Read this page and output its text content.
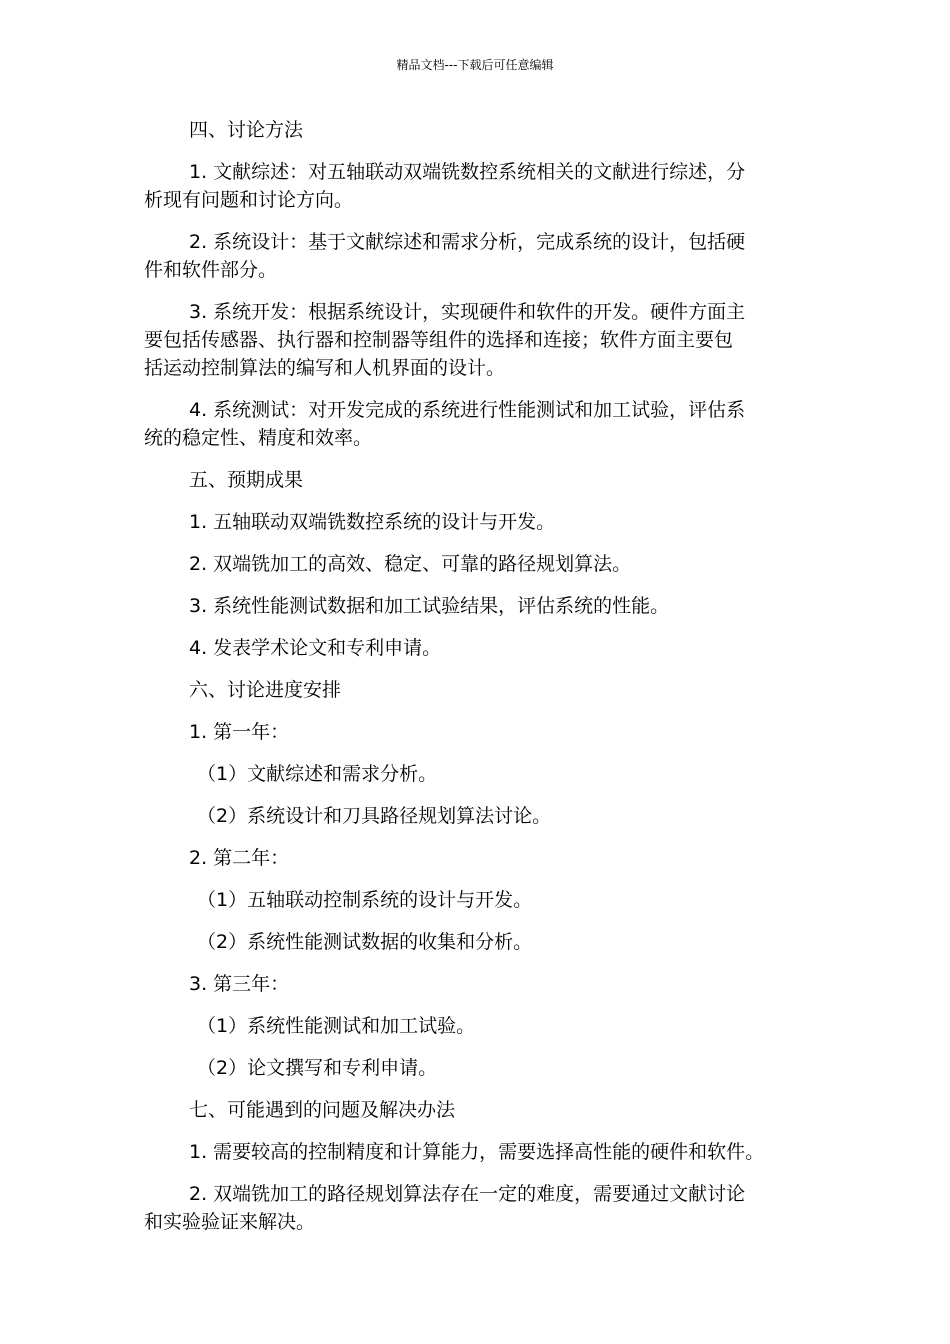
精品文档---下载后可任意编辑

四、讨论方法

1. 文献综述：对五轴联动双端铣数控系统相关的文献进行综述，分
析现有问题和讨论方向。

2. 系统设计：基于文献综述和需求分析，完成系统的设计，包括硬
件和软件部分。

3. 系统开发：根据系统设计，实现硬件和软件的开发。硬件方面主
要包括传感器、执行器和控制器等组件的选择和连接；软件方面主要包
括运动控制算法的编写和人机界面的设计。

4. 系统测试：对开发完成的系统进行性能测试和加工试验，评估系
统的稳定性、精度和效率。

五、预期成果

1. 五轴联动双端铣数控系统的设计与开发。

2. 双端铣加工的高效、稳定、可靠的路径规划算法。

3. 系统性能测试数据和加工试验结果，评估系统的性能。

4. 发表学术论文和专利申请。

六、讨论进度安排

1. 第一年：

（1）文献综述和需求分析。

（2）系统设计和刀具路径规划算法讨论。

2. 第二年：

（1）五轴联动控制系统的设计与开发。

（2）系统性能测试数据的收集和分析。

3. 第三年：

（1）系统性能测试和加工试验。

（2）论文撰写和专利申请。

七、可能遇到的问题及解决办法

1. 需要较高的控制精度和计算能力，需要选择高性能的硬件和软件。

2. 双端铣加工的路径规划算法存在一定的难度，需要通过文献讨论
和实验验证来解决。
